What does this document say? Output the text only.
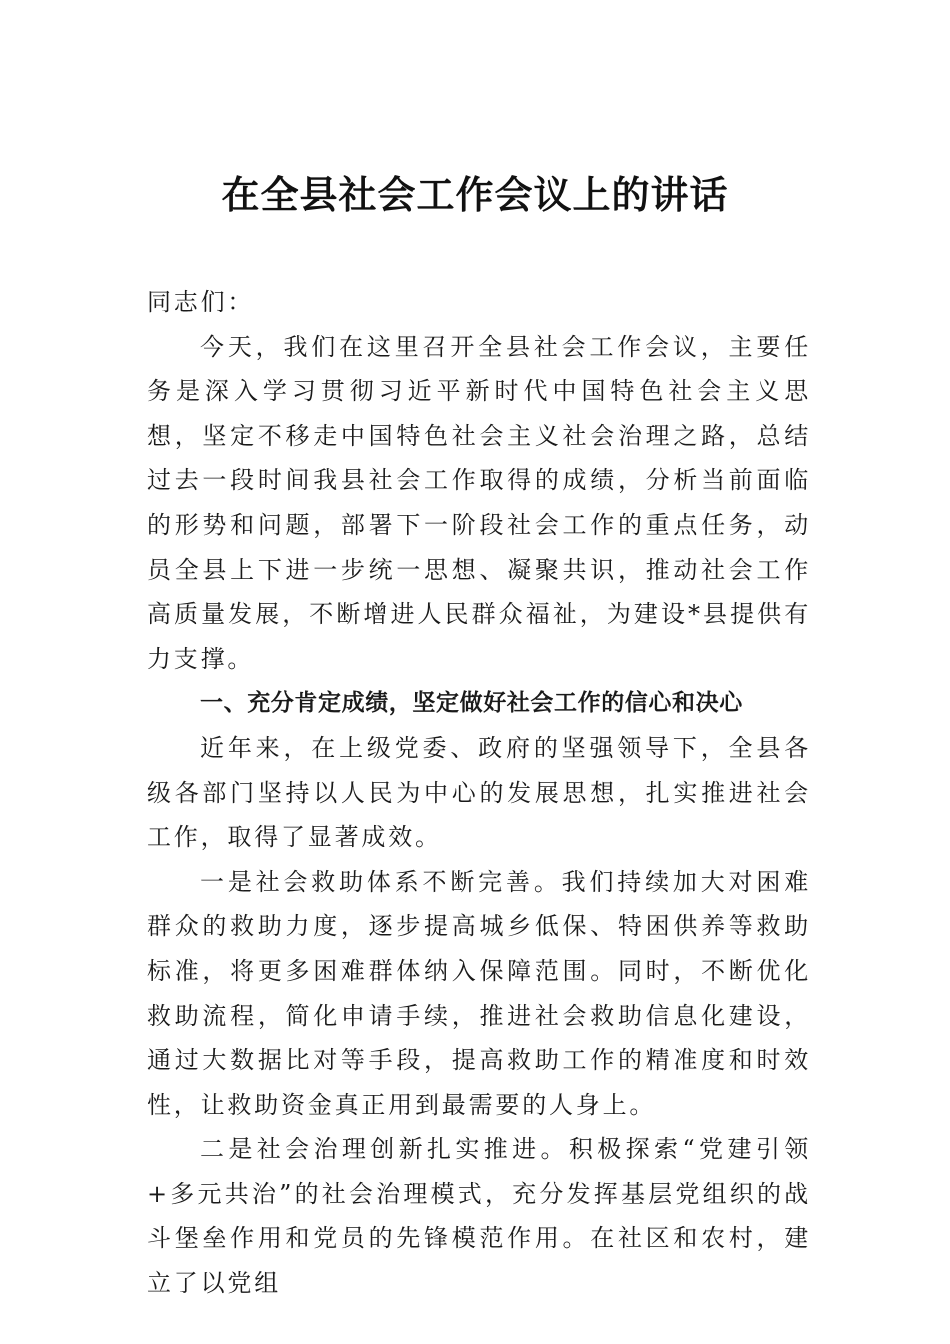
在全县社会工作会议上的讲话

同志们：

今天，我们在这里召开全县社会工作会议，主要任务是深入学习贯彻习近平新时代中国特色社会主义思想，坚定不移走中国特色社会主义社会治理之路，总结过去一段时间我县社会工作取得的成绩，分析当前面临的形势和问题，部署下一阶段社会工作的重点任务，动员全县上下进一步统一思想、凝聚共识，推动社会工作高质量发展，不断增进人民群众福祉，为建设*县提供有力支撑。

一、充分肯定成绩，坚定做好社会工作的信心和决心

近年来，在上级党委、政府的坚强领导下，全县各级各部门坚持以人民为中心的发展思想，扎实推进社会工作，取得了显著成效。

一是社会救助体系不断完善。我们持续加大对困难群众的救助力度，逐步提高城乡低保、特困供养等救助标准，将更多困难群体纳入保障范围。同时，不断优化救助流程，简化申请手续，推进社会救助信息化建设，通过大数据比对等手段，提高救助工作的精准度和时效性，让救助资金真正用到最需要的人身上。

二是社会治理创新扎实推进。积极探索“党建引领+多元共治”的社会治理模式，充分发挥基层党组织的战斗堡垒作用和党员的先锋模范作用。在社区和农村，建立了以党组
